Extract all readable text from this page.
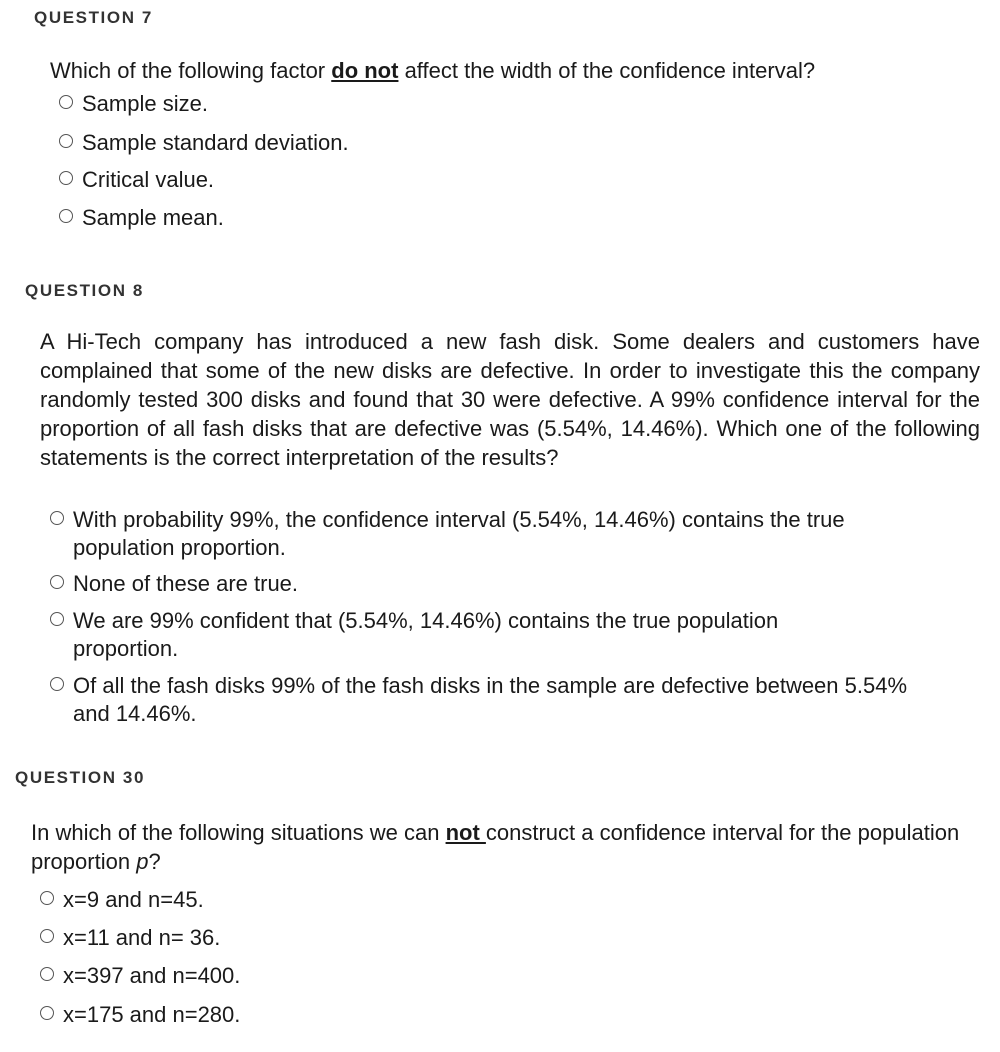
QUESTION 7
Which of the following factor do not affect the width of the confidence interval?
Sample size.
Sample standard deviation.
Critical value.
Sample mean.
QUESTION 8
A Hi-Tech company has introduced a new fash disk. Some dealers and customers have complained that some of the new disks are defective. In order to investigate this the company randomly tested 300 disks and found that 30 were defective. A 99% confidence interval for the proportion of all fash disks that are defective was (5.54%, 14.46%). Which one of the following statements is the correct interpretation of the results?
With probability 99%, the confidence interval (5.54%, 14.46%) contains the true population proportion.
None of these are true.
We are 99% confident that (5.54%, 14.46%) contains the true population proportion.
Of all the fash disks 99% of the fash disks in the sample are defective between 5.54% and 14.46%.
QUESTION 30
In which of the following situations we can not construct a confidence interval for the population proportion p?
x=9 and n=45.
x=11 and n= 36.
x=397 and n=400.
x=175 and n=280.
